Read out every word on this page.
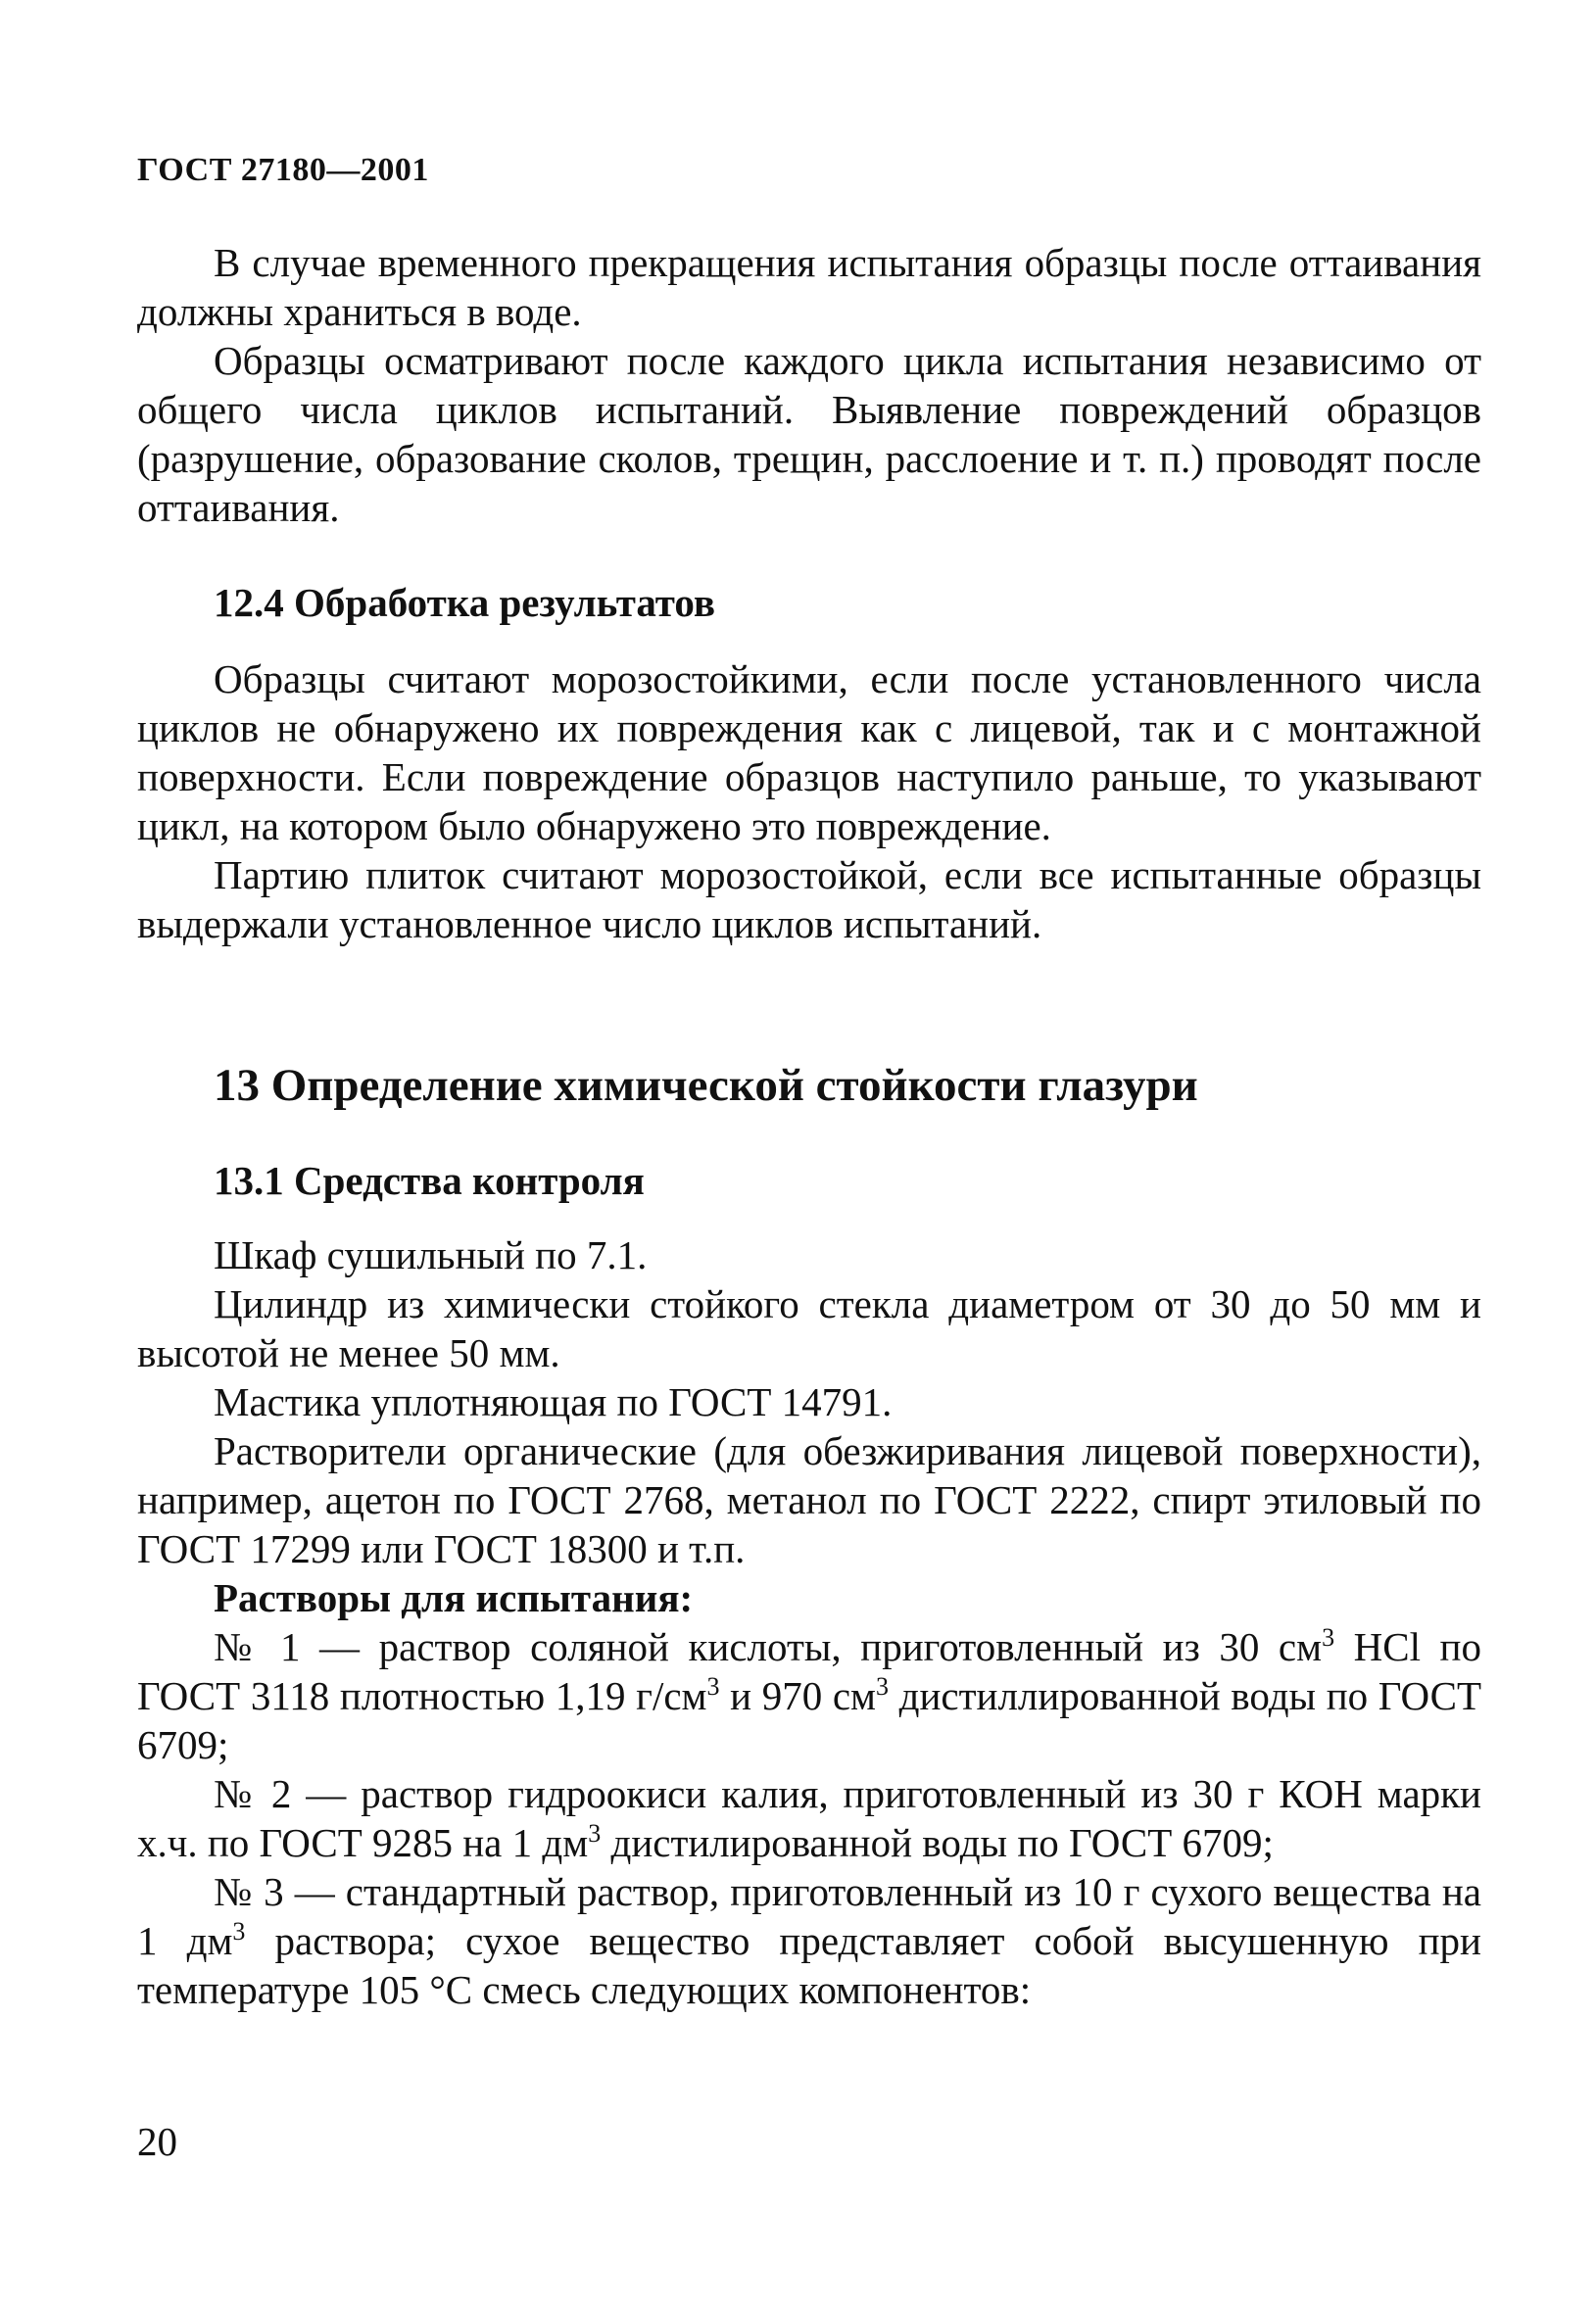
ГОСТ 27180—2001

В случае временного прекращения испытания образцы после оттаивания должны храниться в воде.

Образцы осматривают после каждого цикла испытания независимо от общего числа циклов испытаний. Выявление повреждений образцов (разрушение, образование сколов, трещин, расслоение и т. п.) проводят после оттаивания.

12.4 Обработка результатов

Образцы считают морозостойкими, если после установленного числа циклов не обнаружено их повреждения как с лицевой, так и с монтажной поверхности. Если повреждение образцов наступило раньше, то указывают цикл, на котором было обнаружено это повреждение.

Партию плиток считают морозостойкой, если все испытанные образцы выдержали установленное число циклов испытаний.

13 Определение химической стойкости глазури
13.1 Средства контроля

Шкаф сушильный по 7.1.

Цилиндр из химически стойкого стекла диаметром от 30 до 50 мм и высотой не менее 50 мм.

Мастика уплотняющая по ГОСТ 14791.

Растворители органические (для обезжиривания лицевой поверхности), например, ацетон по ГОСТ 2768, метанол по ГОСТ 2222, спирт этиловый по ГОСТ 17299 или ГОСТ 18300 и т.п.

Растворы для испытания:

№ 1 — раствор соляной кислоты, приготовленный из 30 $см^3$ HCl по ГОСТ 3118 плотностью 1,19 $г/см^3$ и 970 $см^3$ дистиллированной воды по ГОСТ 6709;

№ 2 — раствор гидроокиси калия, приготовленный из 30 г КОН марки х.ч. по ГОСТ 9285 на 1 $дм^3$ дистилированной воды по ГОСТ 6709;

№ 3 — стандартный раствор, приготовленный из 10 г сухого вещества на 1 $дм^3$ раствора; сухое вещество представляет собой высушенную при температуре 105 °С смесь следующих компонентов:

20
